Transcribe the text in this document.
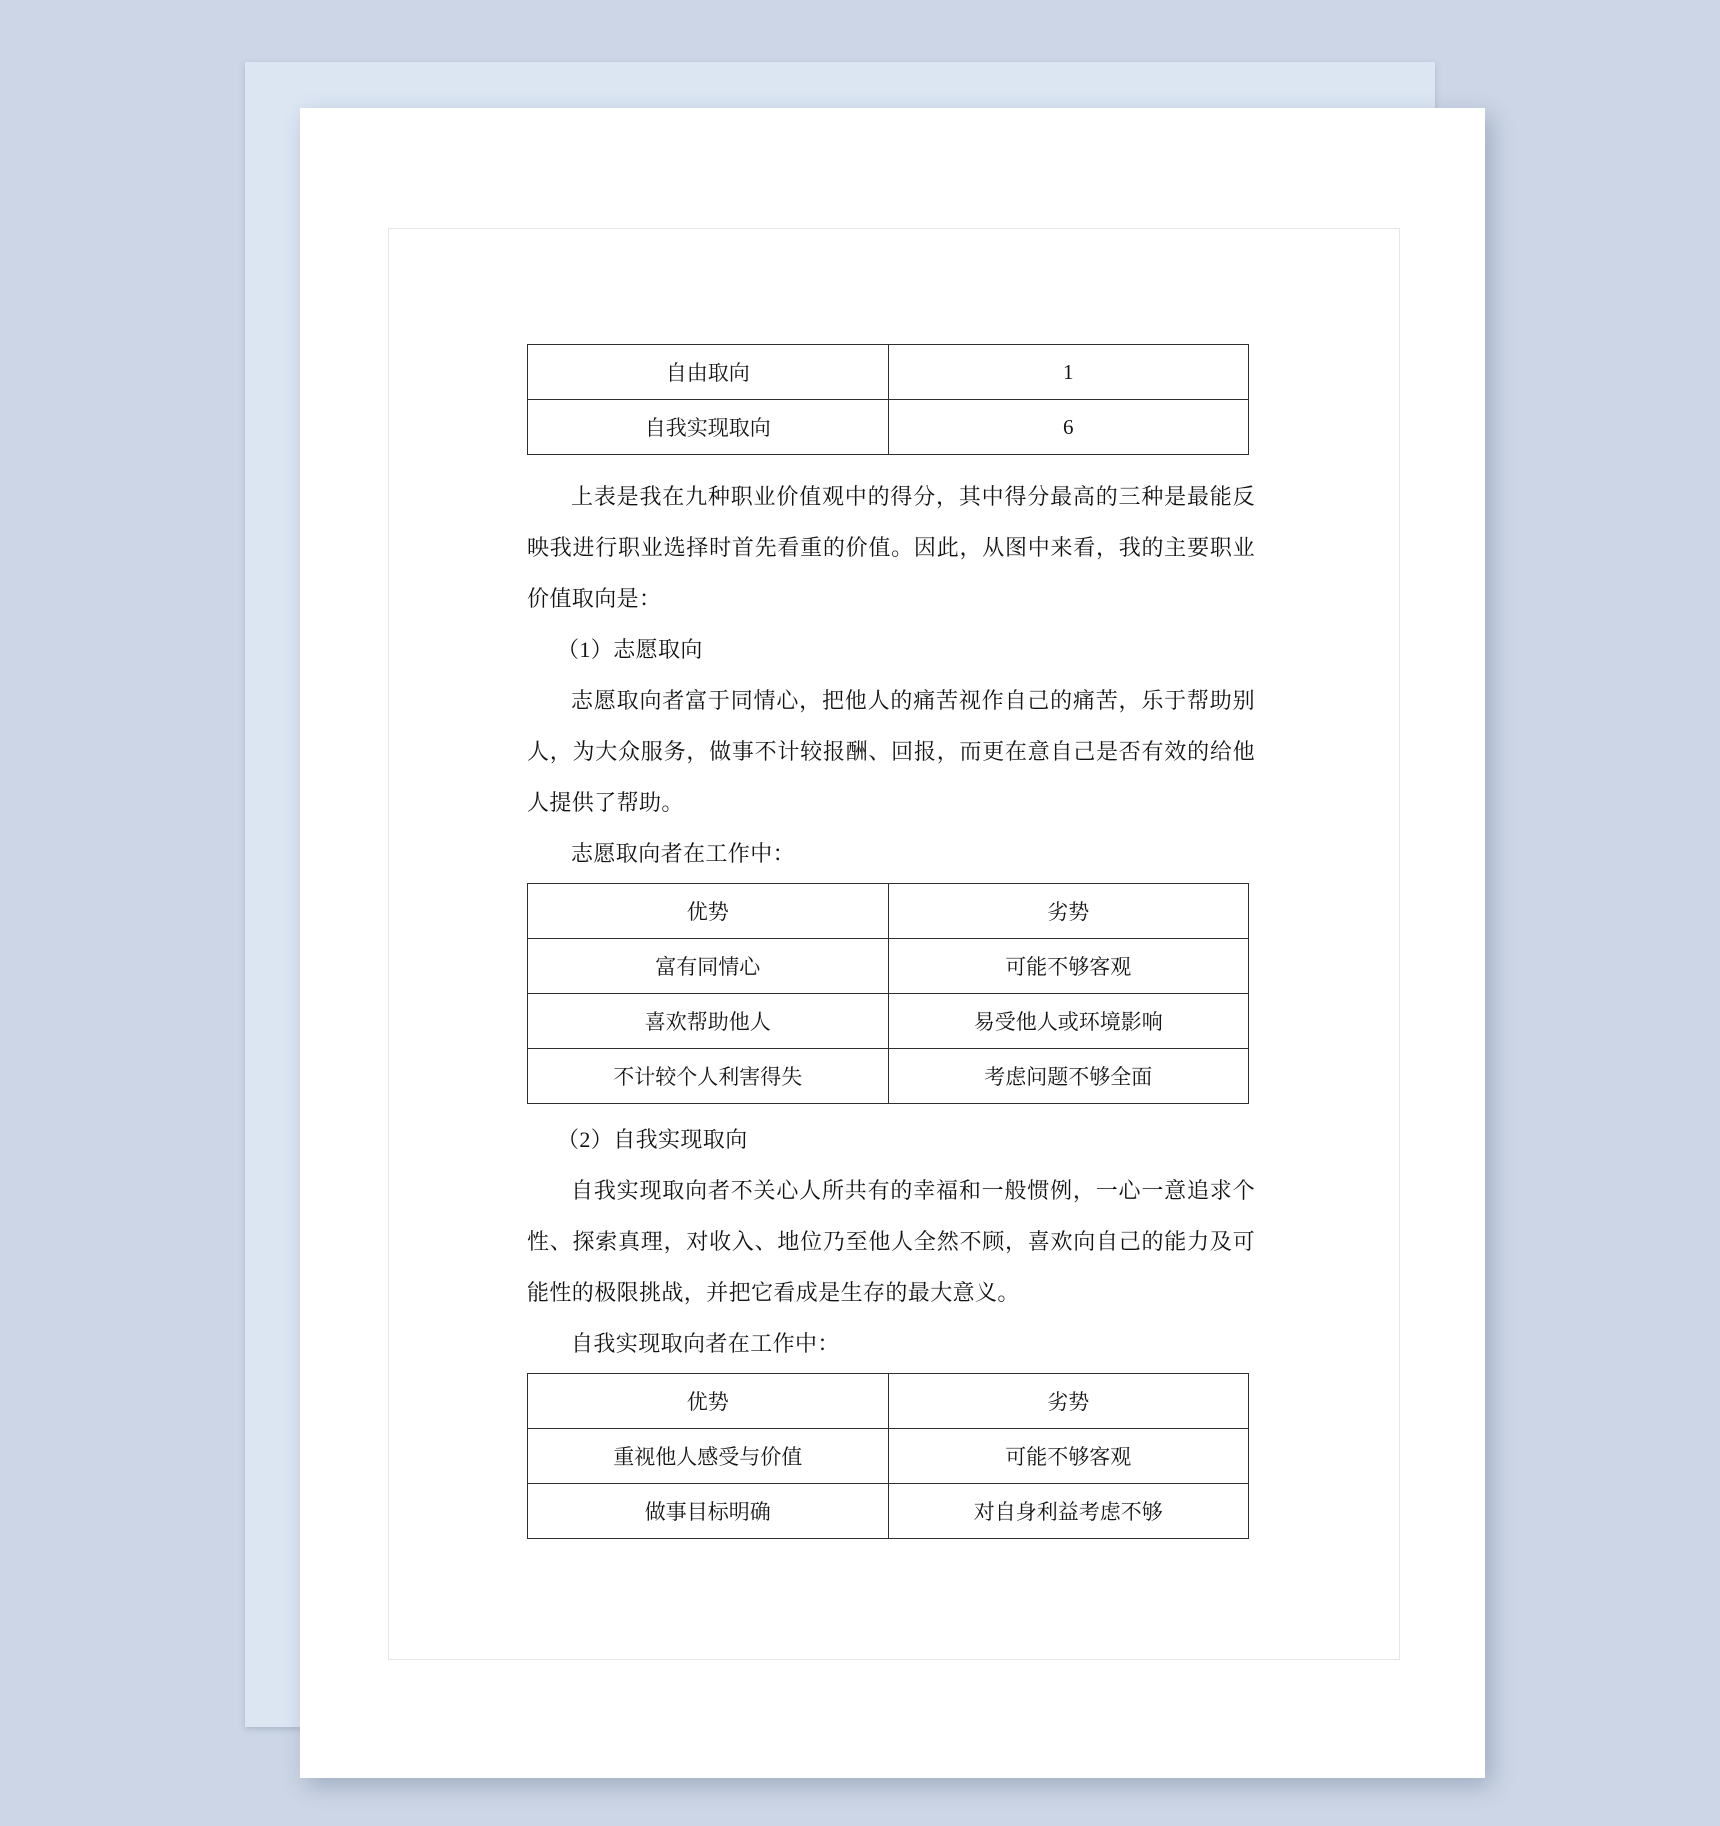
自由取向	1
自我实现取向	6

上表是我在九种职业价值观中的得分，其中得分最高的三种是最能反映我进行职业选择时首先看重的价值。因此，从图中来看，我的主要职业价值取向是：

（1）志愿取向

志愿取向者富于同情心，把他人的痛苦视作自己的痛苦，乐于帮助别人，为大众服务，做事不计较报酬、回报，而更在意自己是否有效的给他人提供了帮助。

志愿取向者在工作中：

优势	劣势
富有同情心	可能不够客观
喜欢帮助他人	易受他人或环境影响
不计较个人利害得失	考虑问题不够全面

（2）自我实现取向

自我实现取向者不关心人所共有的幸福和一般惯例，一心一意追求个性、探索真理，对收入、地位乃至他人全然不顾，喜欢向自己的能力及可能性的极限挑战，并把它看成是生存的最大意义。

自我实现取向者在工作中：

优势	劣势
重视他人感受与价值	可能不够客观
做事目标明确	对自身利益考虑不够
